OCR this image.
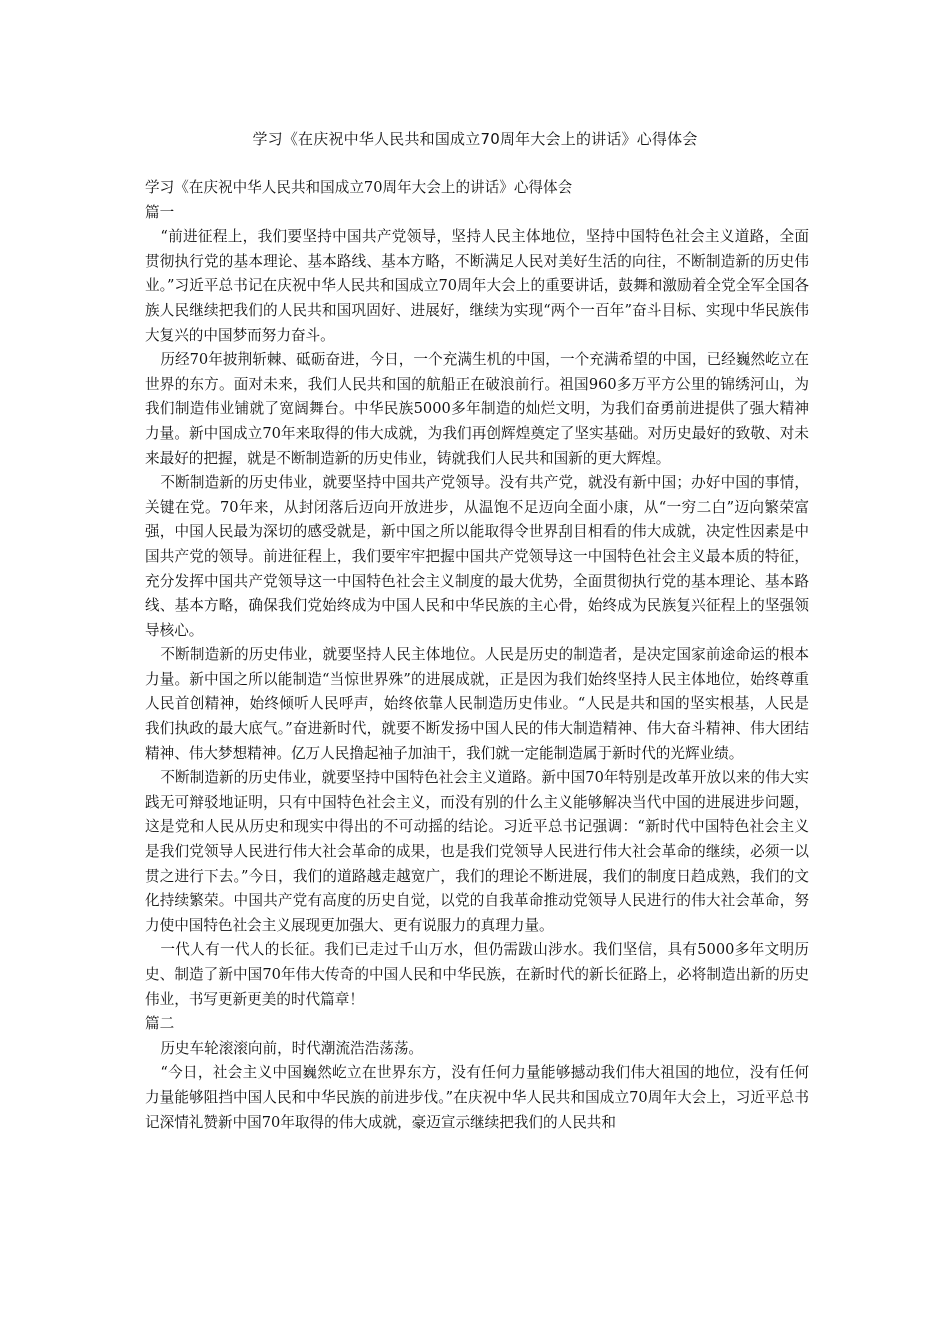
学习《在庆祝中华人民共和国成立70周年大会上的讲话》心得体会

学习《在庆祝中华人民共和国成立70周年大会上的讲话》心得体会

篇一

“前进征程上，我们要坚持中国共产党领导，坚持人民主体地位，坚持中国特色社会主义道路，全面贯彻执行党的基本理论、基本路线、基本方略，不断满足人民对美好生活的向往，不断制造新的历史伟业。”习近平总书记在庆祝中华人民共和国成立70周年大会上的重要讲话，鼓舞和激励着全党全军全国各族人民继续把我们的人民共和国巩固好、进展好，继续为实现“两个一百年”奋斗目标、实现中华民族伟大复兴的中国梦而努力奋斗。

历经70年披荆斩棘、砥砺奋进，今日，一个充满生机的中国，一个充满希望的中国，已经巍然屹立在世界的东方。面对未来，我们人民共和国的航船正在破浪前行。祖国960多万平方公里的锦绣河山，为我们制造伟业铺就了宽阔舞台。中华民族5000多年制造的灿烂文明，为我们奋勇前进提供了强大精神力量。新中国成立70年来取得的伟大成就，为我们再创辉煌奠定了坚实基础。对历史最好的致敬、对未来最好的把握，就是不断制造新的历史伟业，铸就我们人民共和国新的更大辉煌。

不断制造新的历史伟业，就要坚持中国共产党领导。没有共产党，就没有新中国；办好中国的事情，关键在党。70年来，从封闭落后迈向开放进步，从温饱不足迈向全面小康，从“一穷二白”迈向繁荣富强，中国人民最为深切的感受就是，新中国之所以能取得令世界刮目相看的伟大成就，决定性因素是中国共产党的领导。前进征程上，我们要牢牢把握中国共产党领导这一中国特色社会主义最本质的特征，充分发挥中国共产党领导这一中国特色社会主义制度的最大优势，全面贯彻执行党的基本理论、基本路线、基本方略，确保我们党始终成为中国人民和中华民族的主心骨，始终成为民族复兴征程上的坚强领导核心。

不断制造新的历史伟业，就要坚持人民主体地位。人民是历史的制造者，是决定国家前途命运的根本力量。新中国之所以能制造“当惊世界殊”的进展成就，正是因为我们始终坚持人民主体地位，始终尊重人民首创精神，始终倾听人民呼声，始终依靠人民制造历史伟业。“人民是共和国的坚实根基，人民是我们执政的最大底气。”奋进新时代，就要不断发扬中国人民的伟大制造精神、伟大奋斗精神、伟大团结精神、伟大梦想精神。亿万人民撸起袖子加油干，我们就一定能制造属于新时代的光辉业绩。

不断制造新的历史伟业，就要坚持中国特色社会主义道路。新中国70年特别是改革开放以来的伟大实践无可辩驳地证明，只有中国特色社会主义，而没有别的什么主义能够解决当代中国的进展进步问题，这是党和人民从历史和现实中得出的不可动摇的结论。习近平总书记强调：“新时代中国特色社会主义是我们党领导人民进行伟大社会革命的成果，也是我们党领导人民进行伟大社会革命的继续，必须一以贯之进行下去。”今日，我们的道路越走越宽广，我们的理论不断进展，我们的制度日趋成熟，我们的文化持续繁荣。中国共产党有高度的历史自觉，以党的自我革命推动党领导人民进行的伟大社会革命，努力使中国特色社会主义展现更加强大、更有说服力的真理力量。

一代人有一代人的长征。我们已走过千山万水，但仍需跋山涉水。我们坚信，具有5000多年文明历史、制造了新中国70年伟大传奇的中国人民和中华民族，在新时代的新长征路上，必将制造出新的历史伟业，书写更新更美的时代篇章！

篇二

历史车轮滚滚向前，时代潮流浩浩荡荡。

“今日，社会主义中国巍然屹立在世界东方，没有任何力量能够撼动我们伟大祖国的地位，没有任何力量能够阻挡中国人民和中华民族的前进步伐。”在庆祝中华人民共和国成立70周年大会上，习近平总书记深情礼赞新中国70年取得的伟大成就，豪迈宣示继续把我们的人民共和
